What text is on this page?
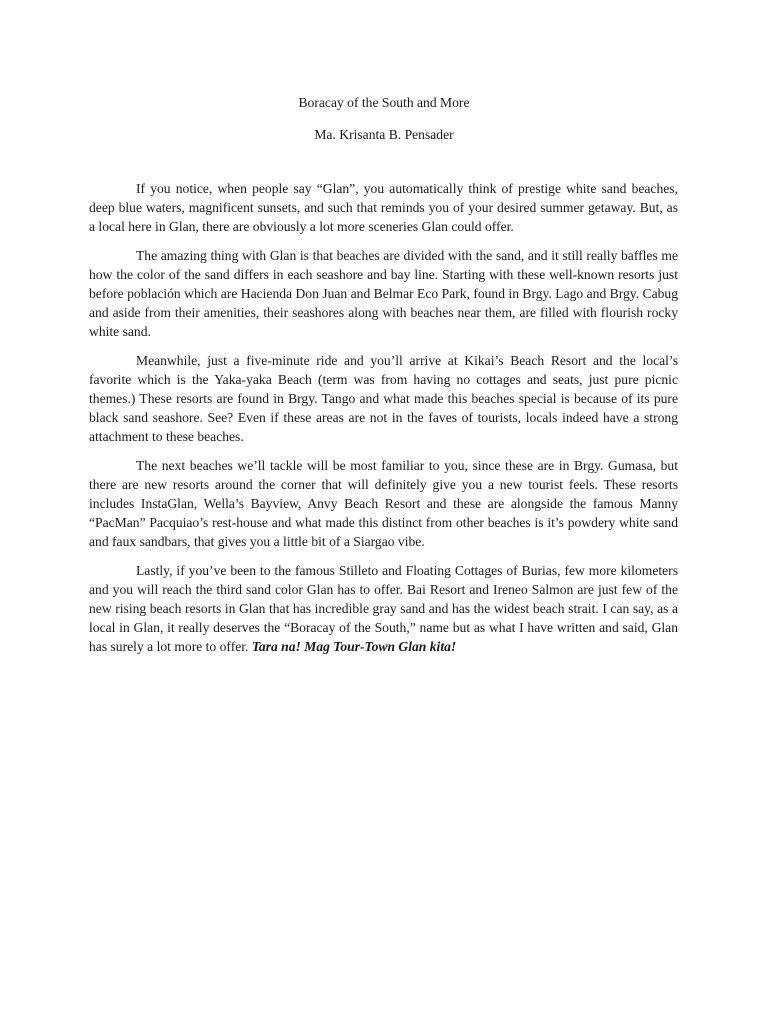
Boracay of the South and More
Ma. Krisanta B. Pensader

If you notice, when people say “Glan”, you automatically think of prestige white sand beaches, deep blue waters, magnificent sunsets, and such that reminds you of your desired summer getaway. But, as a local here in Glan, there are obviously a lot more sceneries Glan could offer.

The amazing thing with Glan is that beaches are divided with the sand, and it still really baffles me how the color of the sand differs in each seashore and bay line. Starting with these well-known resorts just before población which are Hacienda Don Juan and Belmar Eco Park, found in Brgy. Lago and Brgy. Cabug and aside from their amenities, their seashores along with beaches near them, are filled with flourish rocky white sand.

Meanwhile, just a five-minute ride and you’ll arrive at Kikai’s Beach Resort and the local’s favorite which is the Yaka-yaka Beach (term was from having no cottages and seats, just pure picnic themes.) These resorts are found in Brgy. Tango and what made this beaches special is because of its pure black sand seashore. See? Even if these areas are not in the faves of tourists, locals indeed have a strong attachment to these beaches.

The next beaches we’ll tackle will be most familiar to you, since these are in Brgy. Gumasa, but there are new resorts around the corner that will definitely give you a new tourist feels. These resorts includes InstaGlan, Wella’s Bayview, Anvy Beach Resort and these are alongside the famous Manny “PacMan” Pacquiao’s rest-house and what made this distinct from other beaches is it’s powdery white sand and faux sandbars, that gives you a little bit of a Siargao vibe.

Lastly, if you’ve been to the famous Stilleto and Floating Cottages of Burias, few more kilometers and you will reach the third sand color Glan has to offer. Bai Resort and Ireneo Salmon are just few of the new rising beach resorts in Glan that has incredible gray sand and has the widest beach strait. I can say, as a local in Glan, it really deserves the “Boracay of the South,” name but as what I have written and said, Glan has surely a lot more to offer. Tara na! Mag Tour-Town Glan kita!
